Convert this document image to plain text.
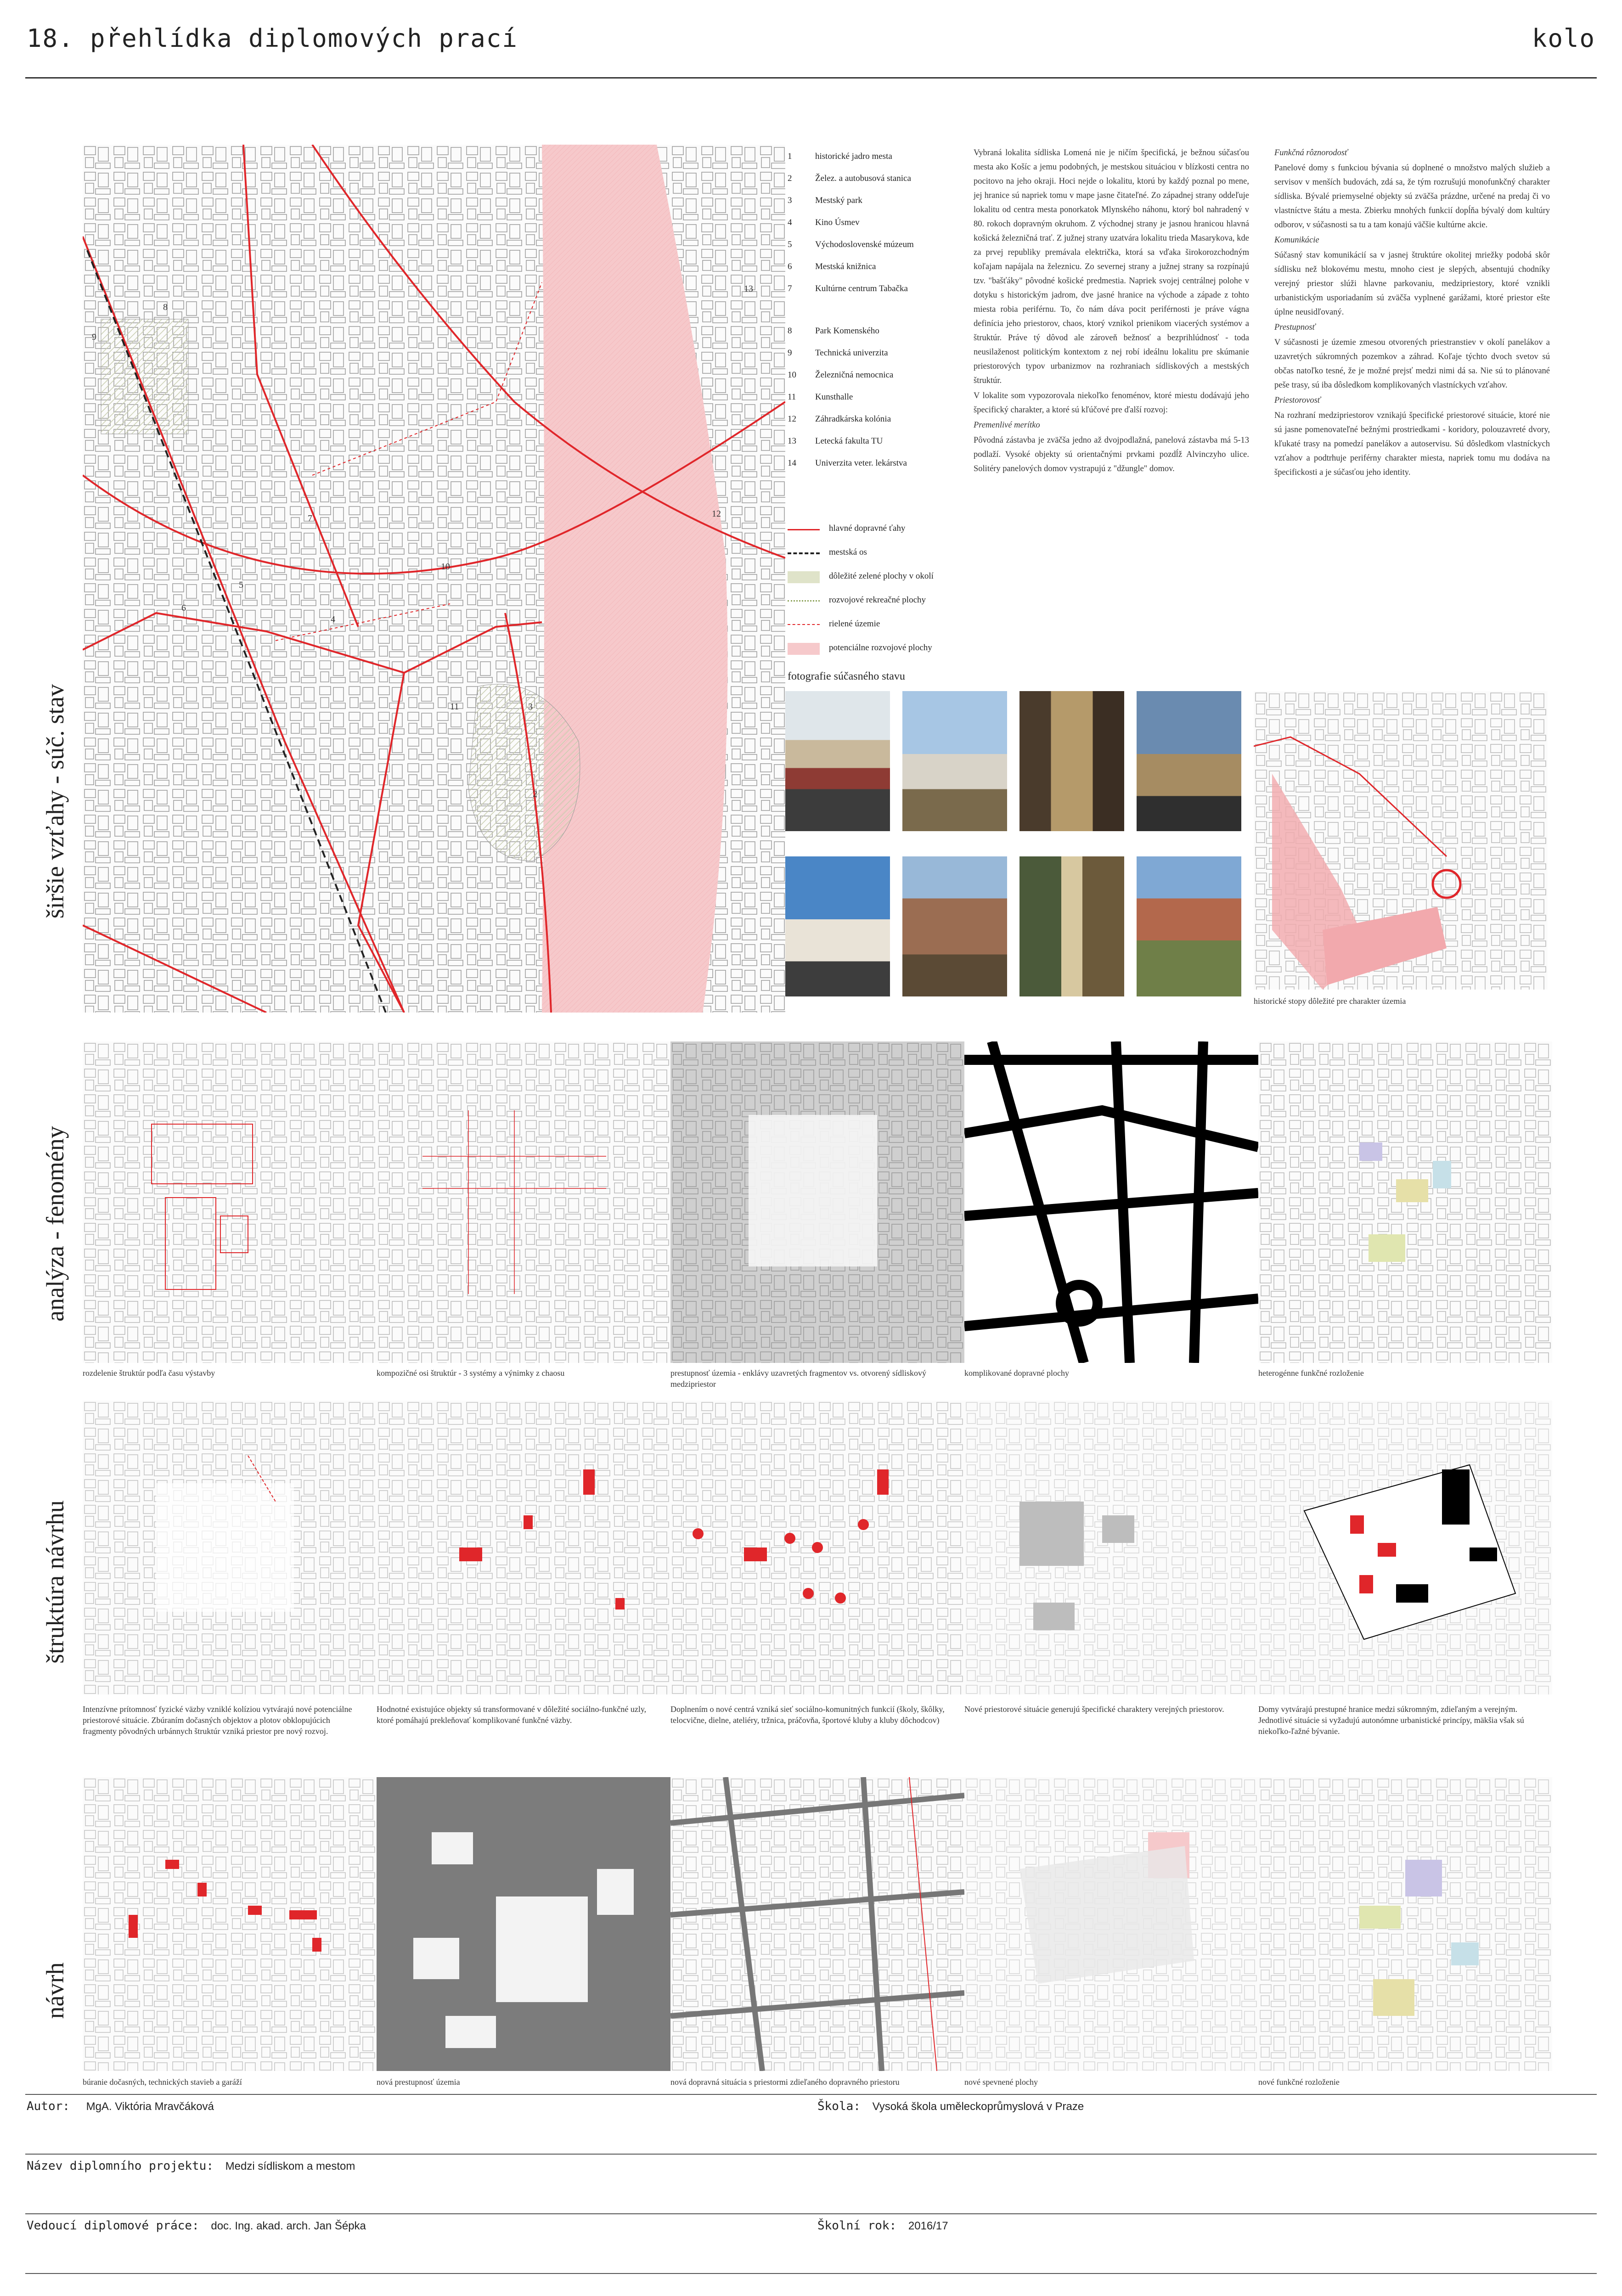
18. přehlídka diplomových prací	kolo
širšie vzťahy - súč. stav
analýza - fenomény
štruktúra návrhu
návrh
8
9
7
10
4
5
6
11
12
13
2
3
1	historické jadro mesta
2	Želez. a autobusová stanica
3	Mestský park
4	Kino Úsmev
5	Východoslovenské múzeum
6	Mestská knižnica
7	Kultúrne centrum Tabačka
8	Park Komenského
9	Technická univerzita
10	Železničná nemocnica
11	Kunsthalle
12	Záhradkárska kolónia
13	Letecká fakulta TU
14	Univerzita veter. lekárstva
hlavné dopravné ťahy
mestská os
dôležité zelené plochy v okolí
rozvojové rekreačné plochy
rielené územie
potenciálne rozvojové plochy

Vybraná lokalita sídliska Lomená nie je ničím špecifická, je bežnou súčasťou mesta ako Košíc a jemu podobných, je mestskou situáciou v blízkosti centra no pocitovo na jeho okraji. Hoci nejde o lokalitu, ktorú by každý poznal po mene, jej hranice sú napriek tomu v mape jasne čitateľné. Zo západnej strany oddeľuje lokalitu od centra mesta ponorkatok Mlynského náhonu, ktorý bol nahradený v 80. rokoch dopravným okruhom. Z východnej strany je jasnou hranicou hlavná košická železničná trať. Z južnej strany uzatvára lokalitu trieda Masarykova, kde za prvej republiky premávala električka, ktorá sa vďaka širokorozchodným koľajam napájala na železnicu. Zo severnej strany a južnej strany sa rozpínajú tzv. "bašťáky" pôvodné košické predmestia. Napriek svojej centrálnej polohe v dotyku s historickým jadrom, dve jasné hranice na východe a západe z tohto miesta robia periférnu. To, čo nám dáva pocit periférnosti je práve vágna definícia jeho priestorov, chaos, ktorý vznikol prienikom viacerých systémov a štruktúr. Práve tý dôvod ale zároveň bežnosť a bezprihlúdnosť - toda neusilaženost politickým kontextom z nej robí ideálnu lokalitu pre skúmanie priestorových typov urbanizmov na rozhraniach sídliskových a mestských štruktúr.

V lokalite som vypozorovala niekoľko fenoménov, ktoré miestu dodávajú jeho špecifický charakter, a ktoré sú kľúčové pre ďalší rozvoj:

Premenlivé merítko

Pôvodná zástavba je zväčša jedno až dvojpodlažná, panelová zástavba má 5-13 podlaží. Vysoké objekty sú orientačnými prvkami pozdĺž Alvinczyho ulice. Solitéry panelových domov vystrapujú z "džungle" domov.

Funkčná rôznorodosť

Panelové domy s funkciou bývania sú doplnené o množstvo malých služieb a servisov v menších budovách, zdá sa, že tým rozrušujú monofunkčný charakter sídliska. Bývalé priemyselné objekty sú zväčša prázdne, určené na predaj či vo vlastníctve štátu a mesta. Zbierku mnohých funkcií dopĺňa bývalý dom kultúry odborov, v súčasnosti sa tu a tam konajú väčšie kultúrne akcie.

Komunikácie

Súčasný stav komunikácií sa v jasnej štruktúre okolitej mriežky podobá skôr sídlisku než blokovému mestu, mnoho ciest je slepých, absentujú chodníky verejný priestor slúži hlavne parkovaniu, medzipriestory, ktoré vznikli urbanistickým usporiadaním sú zväčša vyplnené garážami, ktoré priestor ešte úplne neusidľovaný.

Prestupnosť

V súčasnosti je územie zmesou otvorených priestranstiev v okolí panelákov a uzavretých súkromných pozemkov a záhrad. Koľaje týchto dvoch svetov sú občas natoľko tesné, že je možné prejsť medzi nimi dá sa. Nie sú to plánované peše trasy, sú iba dôsledkom komplikovaných vlastníckych vzťahov.

Priestorovosť

Na rozhraní medzipriestorov vznikajú špecifické priestorové situácie, ktoré nie sú jasne pomenovateľné bežnými prostriedkami - koridory, polouzavreté dvory, kľukaté trasy na pomedzí panelákov a autoservisu. Sú dôsledkom vlastníckych vzťahov a podtrhuje periférny charakter miesta, napriek tomu mu dodáva na špecifickosti a je súčasťou jeho identity.

fotografie súčasného stavu
historické stopy dôležité pre charakter územia
rozdelenie štruktúr podľa času výstavby	kompozičné osi štruktúr - 3 systémy a výnimky z chaosu	prestupnosť územia - enklávy uzavretých fragmentov vs. otvorený sídliskový medzipriestor
komplikované dopravné plochy	heterogénne funkčné rozloženie
Intenzívne prítomnosť fyzické väzby vzniklé kolíziou vytvárajú nové potenciálne priestorové situácie. Zbúraním dočasných objektov a plotov obklopujúcich fragmenty pôvodných urbánnych štruktúr vzniká priestor pre nový rozvoj.
Hodnotné existujúce objekty sú transformované v dôležité sociálno-funkčné uzly, ktoré pomáhajú prekleňovať komplikované funkčné väzby.
Doplnením o nové centrá vzniká sieť sociálno-komunitných funkcií (školy, škôlky, telocvične, dielne, ateliéry, tržnica, práčovňa, športové kluby a kluby dôchodcov)
Nové priestorové situácie generujú špecifické charaktery verejných priestorov.	Domy vytvárajú prestupné hranice medzi súkromným, zdieľaným a verejným. Jednotlivé situácie si vyžadujú autonómne urbanistické princípy, mäkšia však sú niekoľko-ľažné bývanie.
búranie dočasných, technických stavieb a garáží	nová prestupnosť územia	nová dopravná situácia s priestormi zdieľaného dopravného priestoru	nové spevnené plochy	nové funkčné rozloženie
Autor: MgA. Viktória Mravčáková	Škola: Vysoká škola uměleckoprůmyslová v Praze
Název diplomního projektu: Medzi sídliskom a mestom
Vedoucí diplomové práce: doc. Ing. akad. arch. Jan Šépka	Školní rok: 2016/17
